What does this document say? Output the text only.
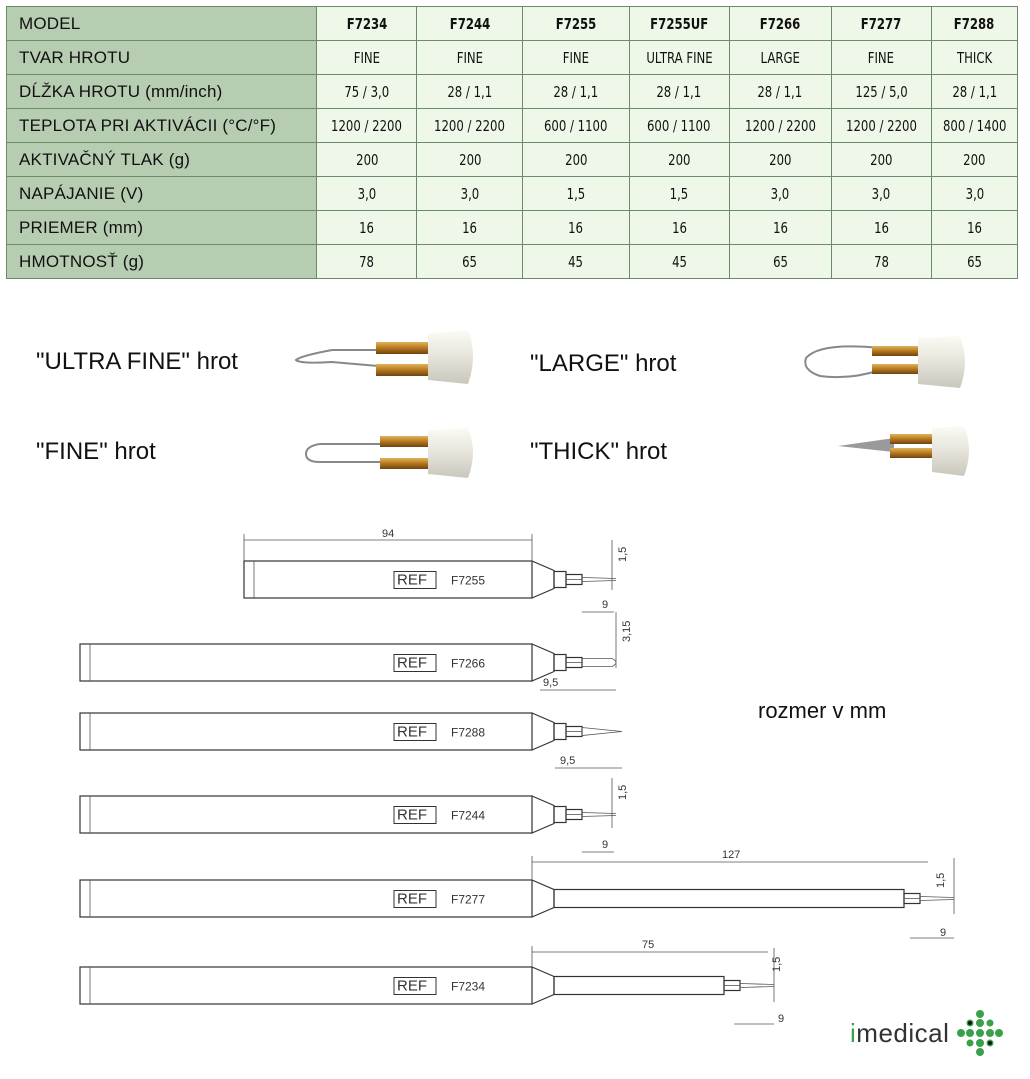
MODEL	F7234	F7244	F7255	F7255UF	F7266	F7277	F7288
TVAR HROTU	FINE	FINE	FINE	ULTRA FINE	LARGE	FINE	THICK
DĹŽKA HROTU (mm/inch)	75 / 3,0	28 / 1,1	28 / 1,1	28 / 1,1	28 / 1,1	125 / 5,0	28 / 1,1
TEPLOTA PRI AKTIVÁCII (°C/°F)	1200 / 2200	1200 / 2200	600 / 1100	600 / 1100	1200 / 2200	1200 / 2200	800 / 1400
AKTIVAČNÝ TLAK (g)	200	200	200	200	200	200	200
NAPÁJANIE (V)	3,0	3,0	1,5	1,5	3,0	3,0	3,0
PRIEMER (mm)	16	16	16	16	16	16	16
HMOTNOSŤ (g)	78	65	45	45	65	78	65
"ULTRA FINE" hrot	"LARGE" hrot
"FINE" hrot	"THICK" hrot
REF F7255
94
1,5
9
REF F7266
3,15
9,5
REF F7288
9,5
REF F7244
1,5
9
REF F7277
127
1,5
9
REF F7234
75
1,5
9
rozmer v mm
imedical
